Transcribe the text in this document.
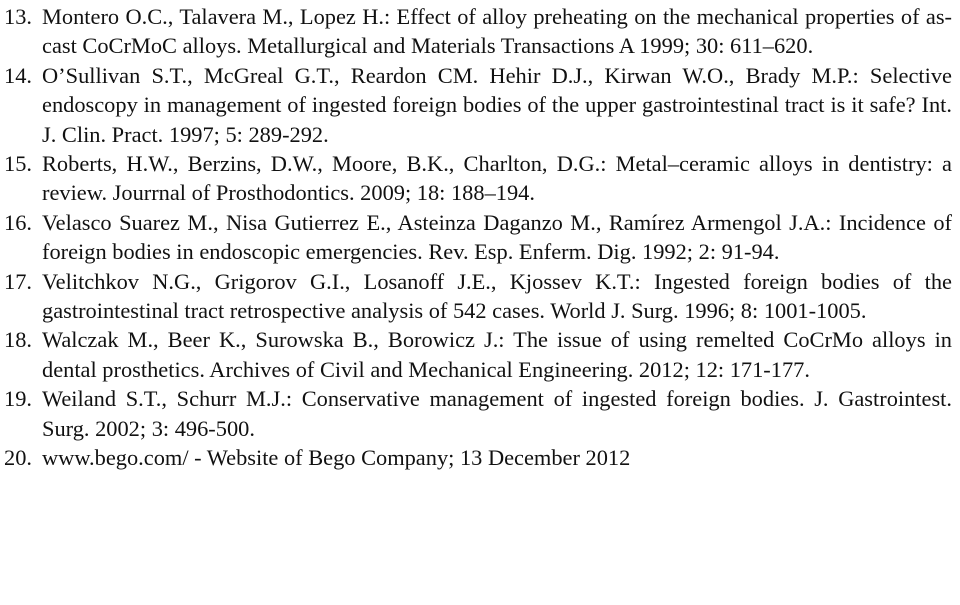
13. Montero O.C., Talavera M., Lopez H.: Effect of alloy preheating on the mechanical properties of as-cast CoCrMoC alloys. Metallurgical and Materials Transactions A 1999; 30: 611–620.
14. O’Sullivan S.T., McGreal G.T., Reardon CM. Hehir D.J., Kirwan W.O., Brady M.P.: Selective endoscopy in management of ingested foreign bodies of the upper gastrointestinal tract is it safe? Int. J. Clin. Pract. 1997; 5: 289-292.
15. Roberts, H.W., Berzins, D.W., Moore, B.K., Charlton, D.G.: Metal–ceramic alloys in dentistry: a review. Jourrnal of Prosthodontics. 2009; 18: 188–194.
16. Velasco Suarez M., Nisa Gutierrez E., Asteinza Daganzo M., Ramírez Armengol J.A.: Incidence of foreign bodies in endoscopic emergencies. Rev. Esp. Enferm. Dig. 1992; 2: 91-94.
17. Velitchkov N.G., Grigorov G.I., Losanoff J.E., Kjossev K.T.: Ingested foreign bodies of the gastrointestinal tract retrospective analysis of 542 cases. World J. Surg. 1996; 8: 1001-1005.
18. Walczak M., Beer K., Surowska B., Borowicz J.: The issue of using remelted CoCrMo alloys in dental prosthetics. Archives of Civil and Mechanical Engineering. 2012; 12: 171-177.
19. Weiland S.T., Schurr M.J.: Conservative management of ingested foreign bodies. J. Gastrointest. Surg. 2002; 3: 496-500.
20. www.bego.com/ - Website of Bego Company; 13 December 2012
